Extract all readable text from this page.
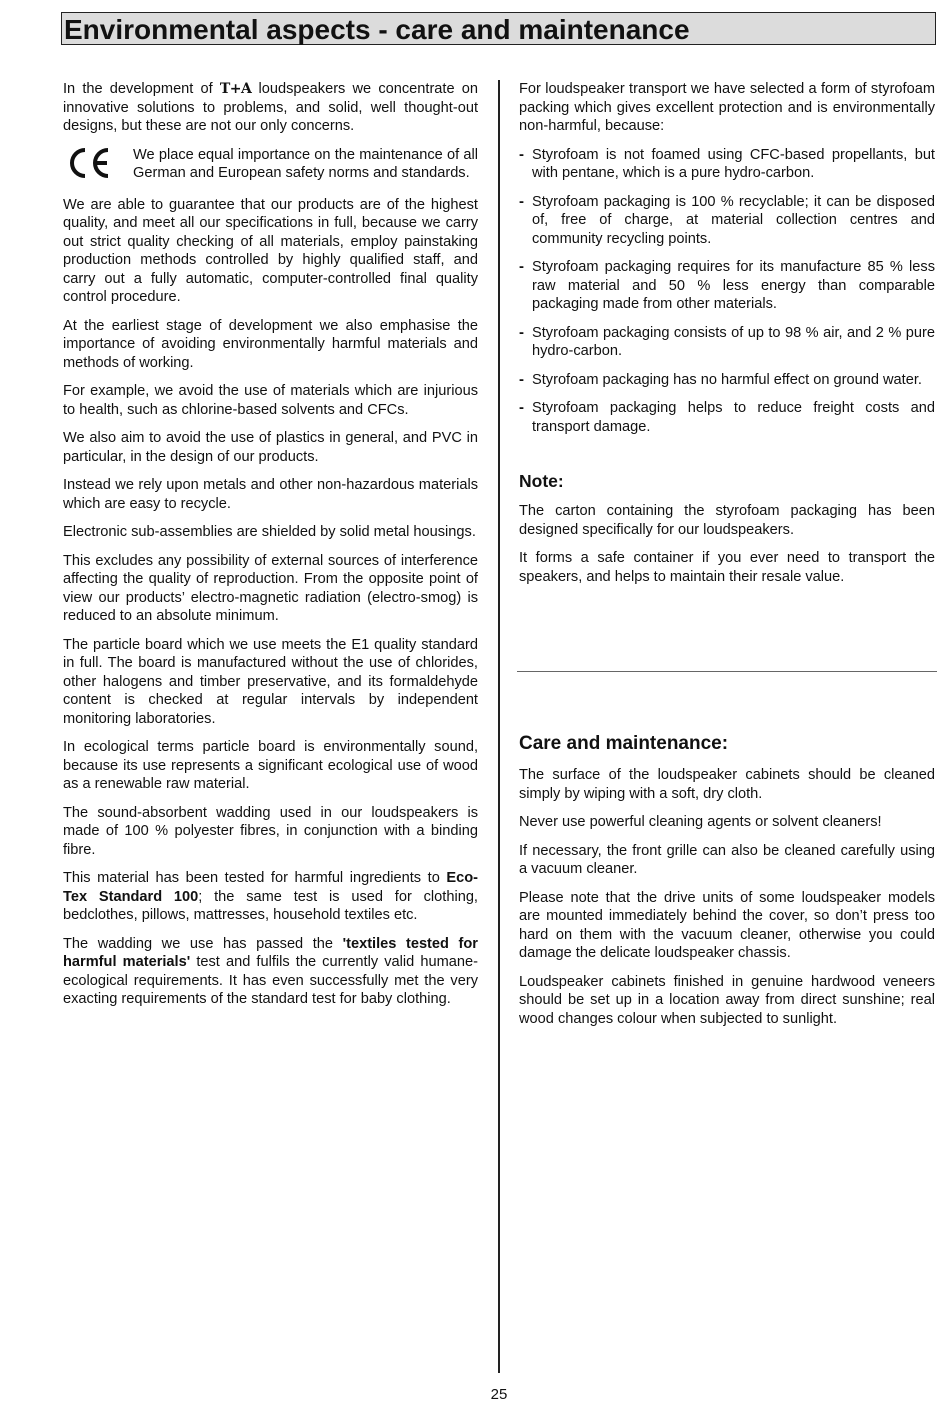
Environmental aspects - care and maintenance

In the development of T+A loudspeakers we concentrate on innovative solutions to problems, and solid, well thought-out designs, but these are not our only concerns.

We place equal importance on the maintenance of all German and European safety norms and standards.

We are able to guarantee that our products are of the highest quality, and meet all our specifications in full, because we carry out strict quality checking of all materials, employ painstaking production methods controlled by highly qualified staff, and carry out a fully automatic, computer-controlled final quality control procedure.

At the earliest stage of development we also emphasise the importance of avoiding environmentally harmful materials and methods of working.

For example, we avoid the use of materials which are injurious to health, such as chlorine-based solvents and CFCs.

We also aim to avoid the use of plastics in general, and PVC in particular, in the design of our products.

Instead we rely upon metals and other non-hazardous materials which are easy to recycle.

Electronic sub-assemblies are shielded by solid metal housings.

This excludes any possibility of external sources of interference affecting the quality of reproduction. From the opposite point of view our products’ electro-magnetic radiation (electro-smog) is reduced to an absolute minimum.

The particle board which we use meets the E1 quality standard in full. The board is manufactured without the use of chlorides, other halogens and timber preservative, and its formaldehyde content is checked at regular intervals by independent monitoring laboratories.

In ecological terms particle board is environmentally sound, because its use represents a significant ecological use of wood as a renewable raw material.

The sound-absorbent wadding used in our loudspeakers is made of 100 % polyester fibres, in conjunction with a binding fibre.

This material has been tested for harmful ingredients to Eco-Tex Standard 100; the same test is used for clothing, bedclothes, pillows, mattresses, household textiles etc.

The wadding we use has passed the 'textiles tested for harmful materials' test and fulfils the currently valid humane-ecological requirements. It has even successfully met the very exacting requirements of the standard test for baby clothing.

For loudspeaker transport we have selected a form of styrofoam packing which gives excellent protection and is environmentally non-harmful, because:

- Styrofoam is not foamed using CFC-based propellants, but with pentane, which is a pure hydro-carbon.

- Styrofoam packaging is 100 % recyclable; it can be disposed of, free of charge, at material collection centres and community recycling points.

- Styrofoam packaging requires for its manufacture 85 % less raw material and 50 % less energy than comparable packaging made from other materials.

- Styrofoam packaging consists of up to 98 % air, and 2 % pure hydro-carbon.

- Styrofoam packaging has no harmful effect on ground water.

- Styrofoam packaging helps to reduce freight costs and transport damage.

Note:

The carton containing the styrofoam packaging has been designed specifically for our loudspeakers.

It forms a safe container if you ever need to transport the speakers, and helps to maintain their resale value.

Care and maintenance:

The surface of the loudspeaker cabinets should be cleaned simply by wiping with a soft, dry cloth.

Never use powerful cleaning agents or solvent cleaners!

If necessary, the front grille can also be cleaned carefully using a vacuum cleaner.

Please note that the drive units of some loudspeaker models are mounted immediately behind the cover, so don’t press too hard on them with the vacuum cleaner, otherwise you could damage the delicate loudspeaker chassis.

Loudspeaker cabinets finished in genuine hardwood veneers should be set up in a location away from direct sunshine; real wood changes colour when subjected to sunlight.

25
